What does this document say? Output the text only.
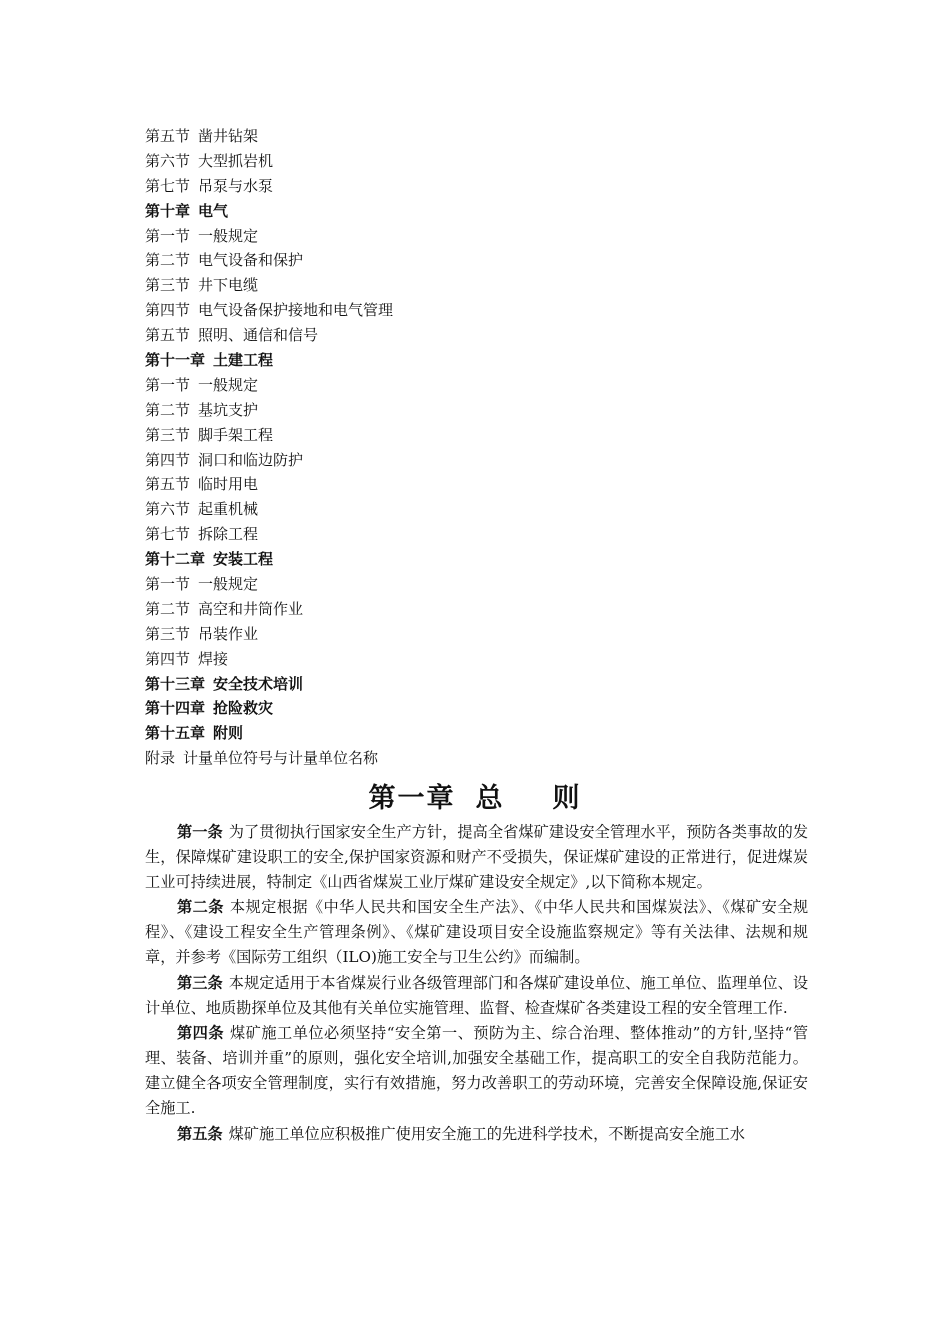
第五节 凿井钻架
第六节 大型抓岩机
第七节 吊泵与水泵
第十章 电气
第一节 一般规定
第二节 电气设备和保护
第三节 井下电缆
第四节 电气设备保护接地和电气管理
第五节 照明、通信和信号
第十一章 土建工程
第一节 一般规定
第二节 基坑支护
第三节 脚手架工程
第四节 洞口和临边防护
第五节 临时用电
第六节 起重机械
第七节 拆除工程
第十二章 安装工程
第一节 一般规定
第二节 高空和井筒作业
第三节 吊装作业
第四节 焊接
第十三章 安全技术培训
第十四章 抢险救灾
第十五章 附则
附录 计量单位符号与计量单位名称
第一章 总 则

第一条 为了贯彻执行国家安全生产方针，提高全省煤矿建设安全管理水平，预防各类事故的发生，保障煤矿建设职工的安全,保护国家资源和财产不受损失，保证煤矿建设的正常进行，促进煤炭工业可持续进展，特制定《山西省煤炭工业厅煤矿建设安全规定》,以下简称本规定。

第二条 本规定根据《中华人民共和国安全生产法》、《中华人民共和国煤炭法》、《煤矿安全规程》、《建设工程安全生产管理条例》、《煤矿建设项目安全设施监察规定》等有关法律、法规和规章，并参考《国际劳工组织（ILO)施工安全与卫生公约》而编制。

第三条 本规定适用于本省煤炭行业各级管理部门和各煤矿建设单位、施工单位、监理单位、设计单位、地质勘探单位及其他有关单位实施管理、监督、检查煤矿各类建设工程的安全管理工作.

第四条 煤矿施工单位必须坚持“安全第一、预防为主、综合治理、整体推动”的方针,坚持“管理、装备、培训并重”的原则，强化安全培训,加强安全基础工作，提高职工的安全自我防范能力。建立健全各项安全管理制度，实行有效措施，努力改善职工的劳动环境，完善安全保障设施,保证安全施工.

第五条 煤矿施工单位应积极推广使用安全施工的先进科学技术，不断提高安全施工水
